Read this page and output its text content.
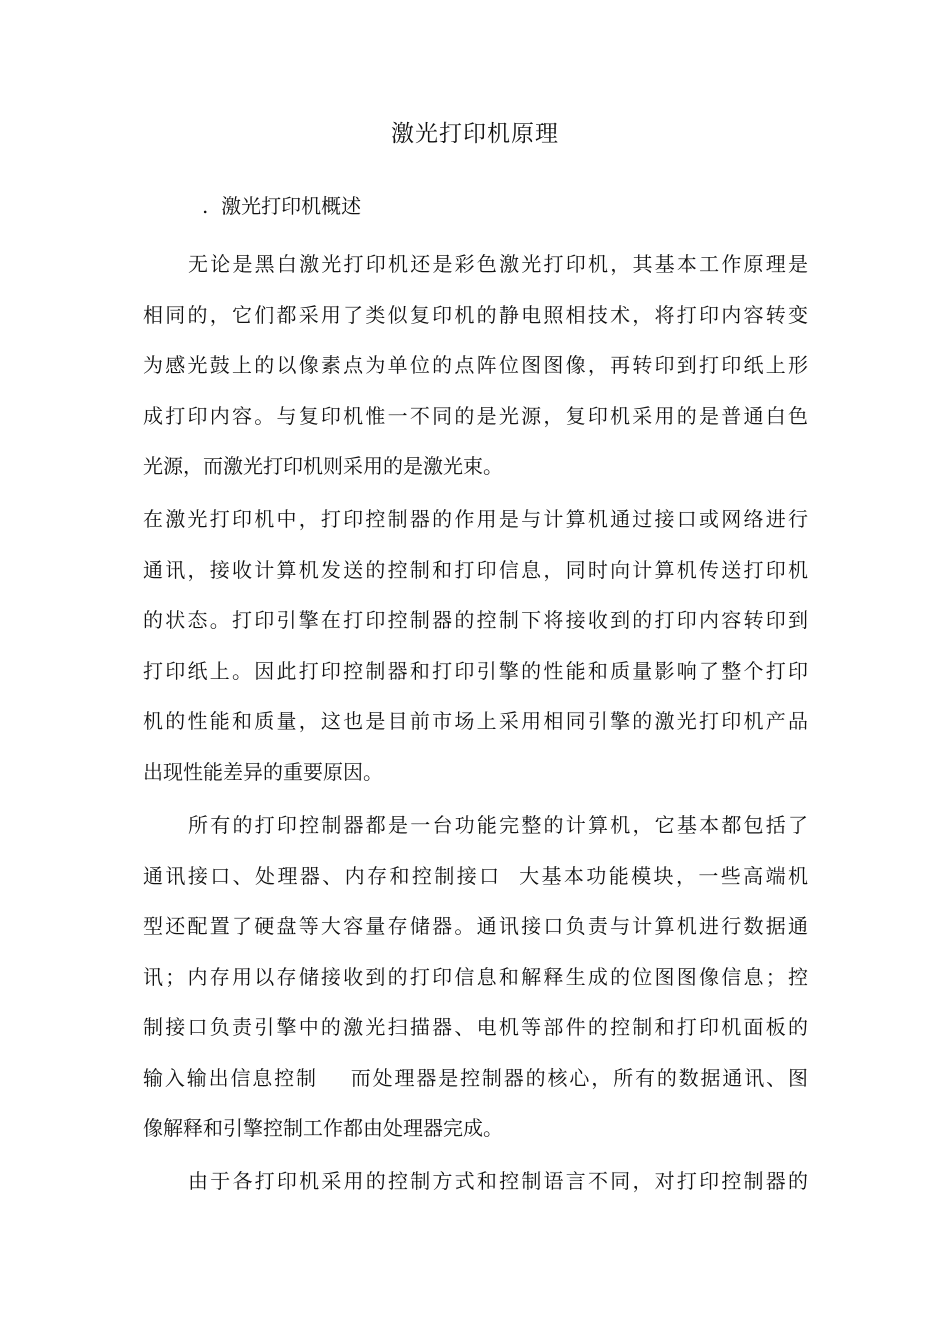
激光打印机原理
.  激光打印机概述
无论是黑白激光打印机还是彩色激光打印机，其基本工作原理是
相同的，它们都采用了类似复印机的静电照相技术，将打印内容转变
为感光鼓上的以像素点为单位的点阵位图图像，再转印到打印纸上形
成打印内容。与复印机惟一不同的是光源，复印机采用的是普通白色
光源，而激光打印机则采用的是激光束。
在激光打印机中，打印控制器的作用是与计算机通过接口或网络进行
通讯，接收计算机发送的控制和打印信息，同时向计算机传送打印机
的状态。打印引擎在打印控制器的控制下将接收到的打印内容转印到
打印纸上。因此打印控制器和打印引擎的性能和质量影响了整个打印
机的性能和质量，这也是目前市场上采用相同引擎的激光打印机产品
出现性能差异的重要原因。
所有的打印控制器都是一台功能完整的计算机，它基本都包括了
通讯接口、处理器、内存和控制接口  大基本功能模块，一些高端机
型还配置了硬盘等大容量存储器。通讯接口负责与计算机进行数据通
讯；内存用以存储接收到的打印信息和解释生成的位图图像信息；控
制接口负责引擎中的激光扫描器、电机等部件的控制和打印机面板的
输入输出信息控制    而处理器是控制器的核心，所有的数据通讯、图
像解释和引擎控制工作都由处理器完成。
由于各打印机采用的控制方式和控制语言不同，对打印控制器的
